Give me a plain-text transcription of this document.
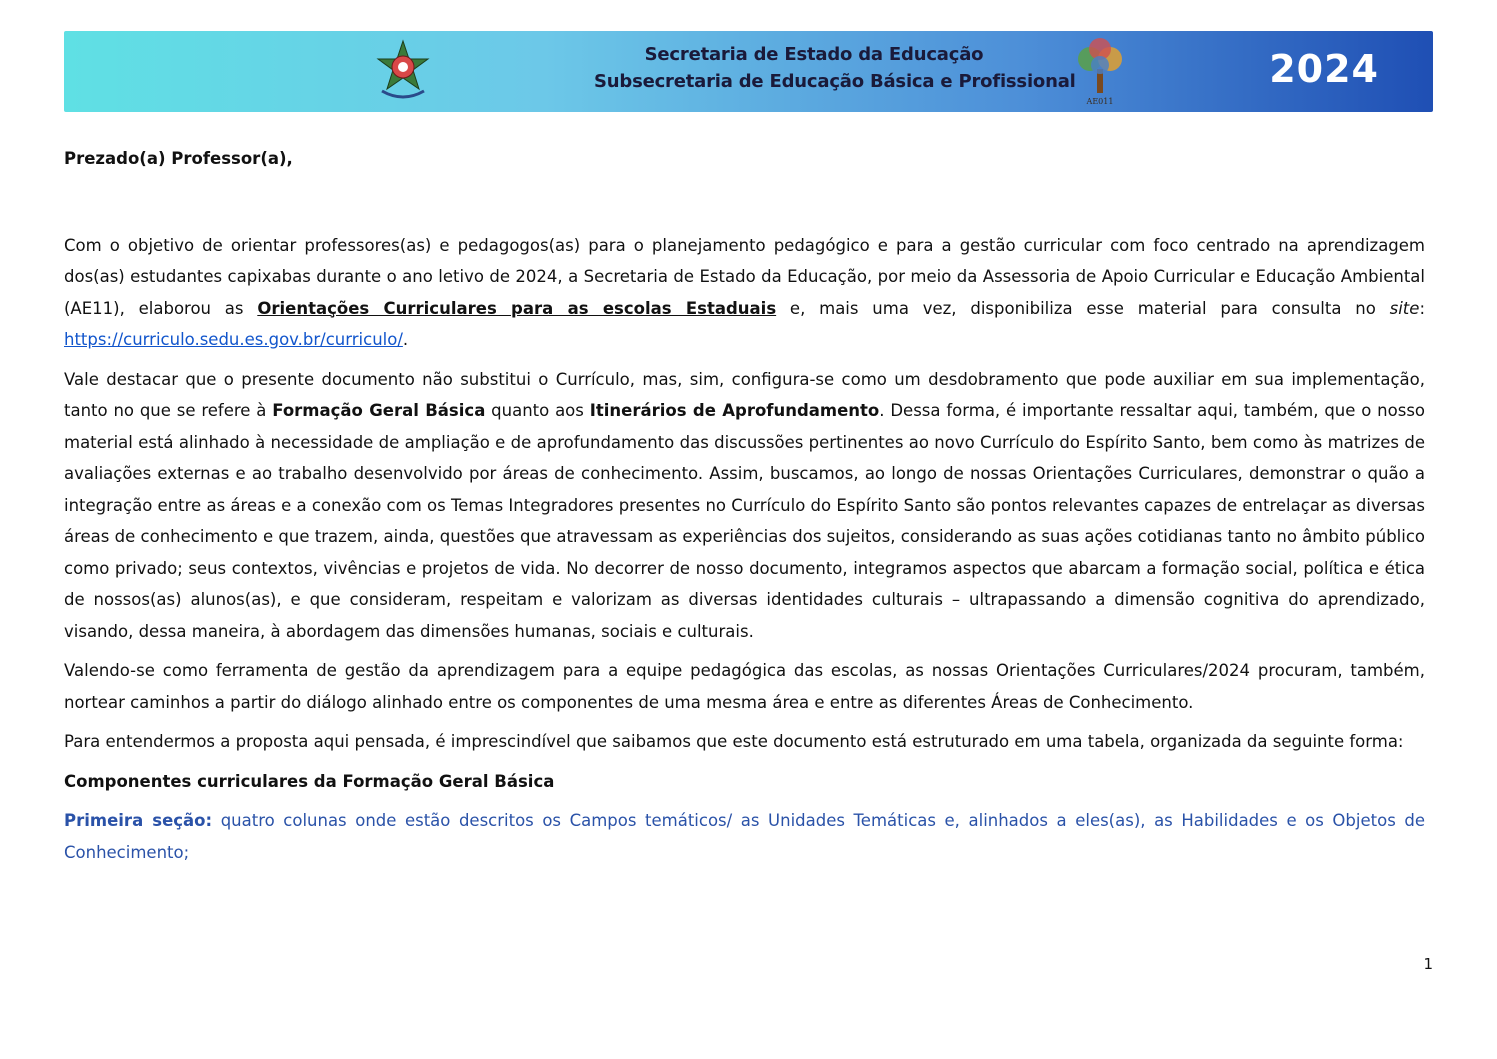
Secretaria de Estado da Educação
Subsecretaria de Educação Básica e Profissional
AE011
2024

Prezado(a) Professor(a),

Com o objetivo de orientar professores(as) e pedagogos(as) para o planejamento pedagógico e para a gestão curricular com foco centrado na aprendizagem dos(as) estudantes capixabas durante o ano letivo de 2024, a Secretaria de Estado da Educação, por meio da Assessoria de Apoio Curricular e Educação Ambiental (AE11), elaborou as Orientações Curriculares para as escolas Estaduais e, mais uma vez, disponibiliza esse material para consulta no site: https://curriculo.sedu.es.gov.br/curriculo/.

Vale destacar que o presente documento não substitui o Currículo, mas, sim, configura-se como um desdobramento que pode auxiliar em sua implementação, tanto no que se refere à Formação Geral Básica quanto aos Itinerários de Aprofundamento. Dessa forma, é importante ressaltar aqui, também, que o nosso material está alinhado à necessidade de ampliação e de aprofundamento das discussões pertinentes ao novo Currículo do Espírito Santo, bem como às matrizes de avaliações externas e ao trabalho desenvolvido por áreas de conhecimento. Assim, buscamos, ao longo de nossas Orientações Curriculares, demonstrar o quão a integração entre as áreas e a conexão com os Temas Integradores presentes no Currículo do Espírito Santo são pontos relevantes capazes de entrelaçar as diversas áreas de conhecimento e que trazem, ainda, questões que atravessam as experiências dos sujeitos, considerando as suas ações cotidianas tanto no âmbito público como privado; seus contextos, vivências e projetos de vida. No decorrer de nosso documento, integramos aspectos que abarcam a formação social, política e ética de nossos(as) alunos(as), e que consideram, respeitam e valorizam as diversas identidades culturais – ultrapassando a dimensão cognitiva do aprendizado, visando, dessa maneira, à abordagem das dimensões humanas, sociais e culturais.

Valendo-se como ferramenta de gestão da aprendizagem para a equipe pedagógica das escolas, as nossas Orientações Curriculares/2024 procuram, também, nortear caminhos a partir do diálogo alinhado entre os componentes de uma mesma área e entre as diferentes Áreas de Conhecimento.

Para entendermos a proposta aqui pensada, é imprescindível que saibamos que este documento está estruturado em uma tabela, organizada da seguinte forma:

Componentes curriculares da Formação Geral Básica

Primeira seção: quatro colunas onde estão descritos os Campos temáticos/ as Unidades Temáticas e, alinhados a eles(as), as Habilidades e os Objetos de Conhecimento;

1
